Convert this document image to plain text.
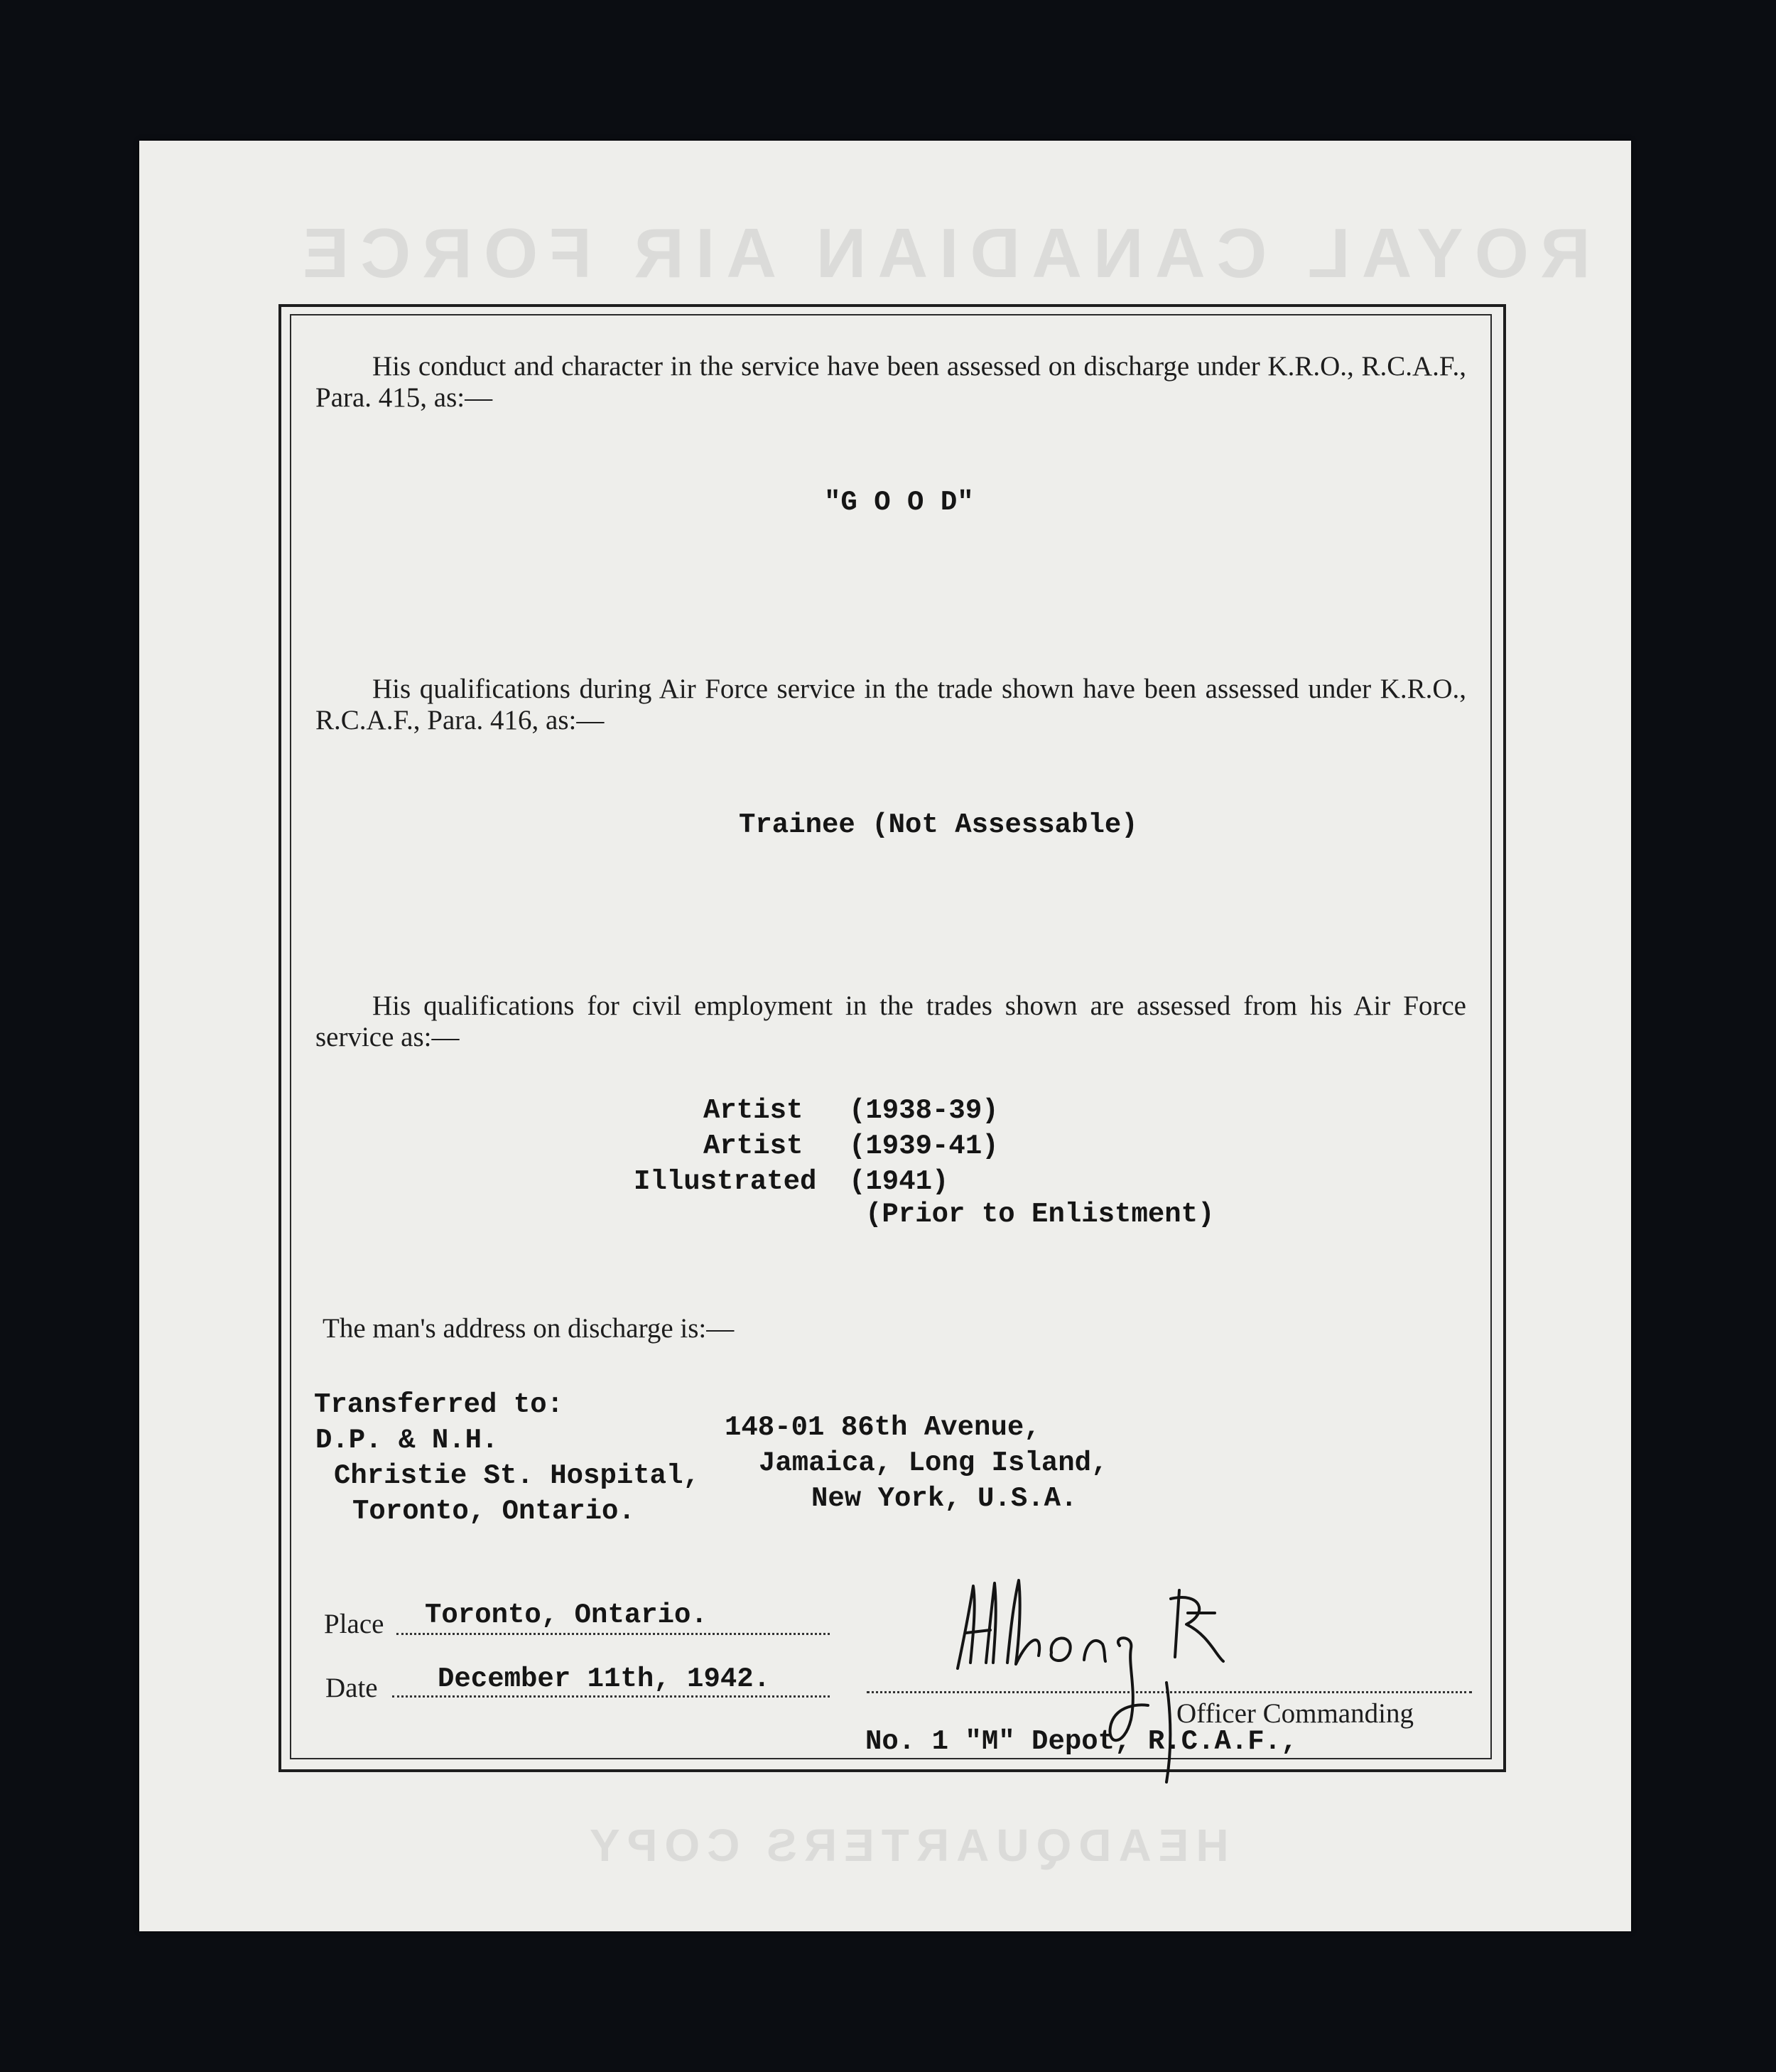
ROYAL CANADIAN AIR FORCE
HEADQUARTERS COPY
His conduct and character in the service have been assessed on discharge under K.R.O., R.C.A.F., Para. 415, as:—
"G O O D"
His qualifications during Air Force service in the trade shown have been assessed under K.R.O., R.C.A.F., Para. 416, as:—
Trainee (Not Assessable)
His qualifications for civil employment in the trades shown are assessed from his Air Force service as:—
Artist (1938-39)
Artist (1939-41)
Illustrated (1941)
(Prior to Enlistment)
The man's address on discharge is:—
Transferred to:
D.P. & N.H.
Christie St. Hospital,
Toronto, Ontario.
148-01 86th Avenue,
Jamaica, Long Island,
New York, U.S.A.
Place Toronto, Ontario.
Date December 11th, 1942.
Officer Commanding
No. 1 "M" Depot, R.C.A.F.,
